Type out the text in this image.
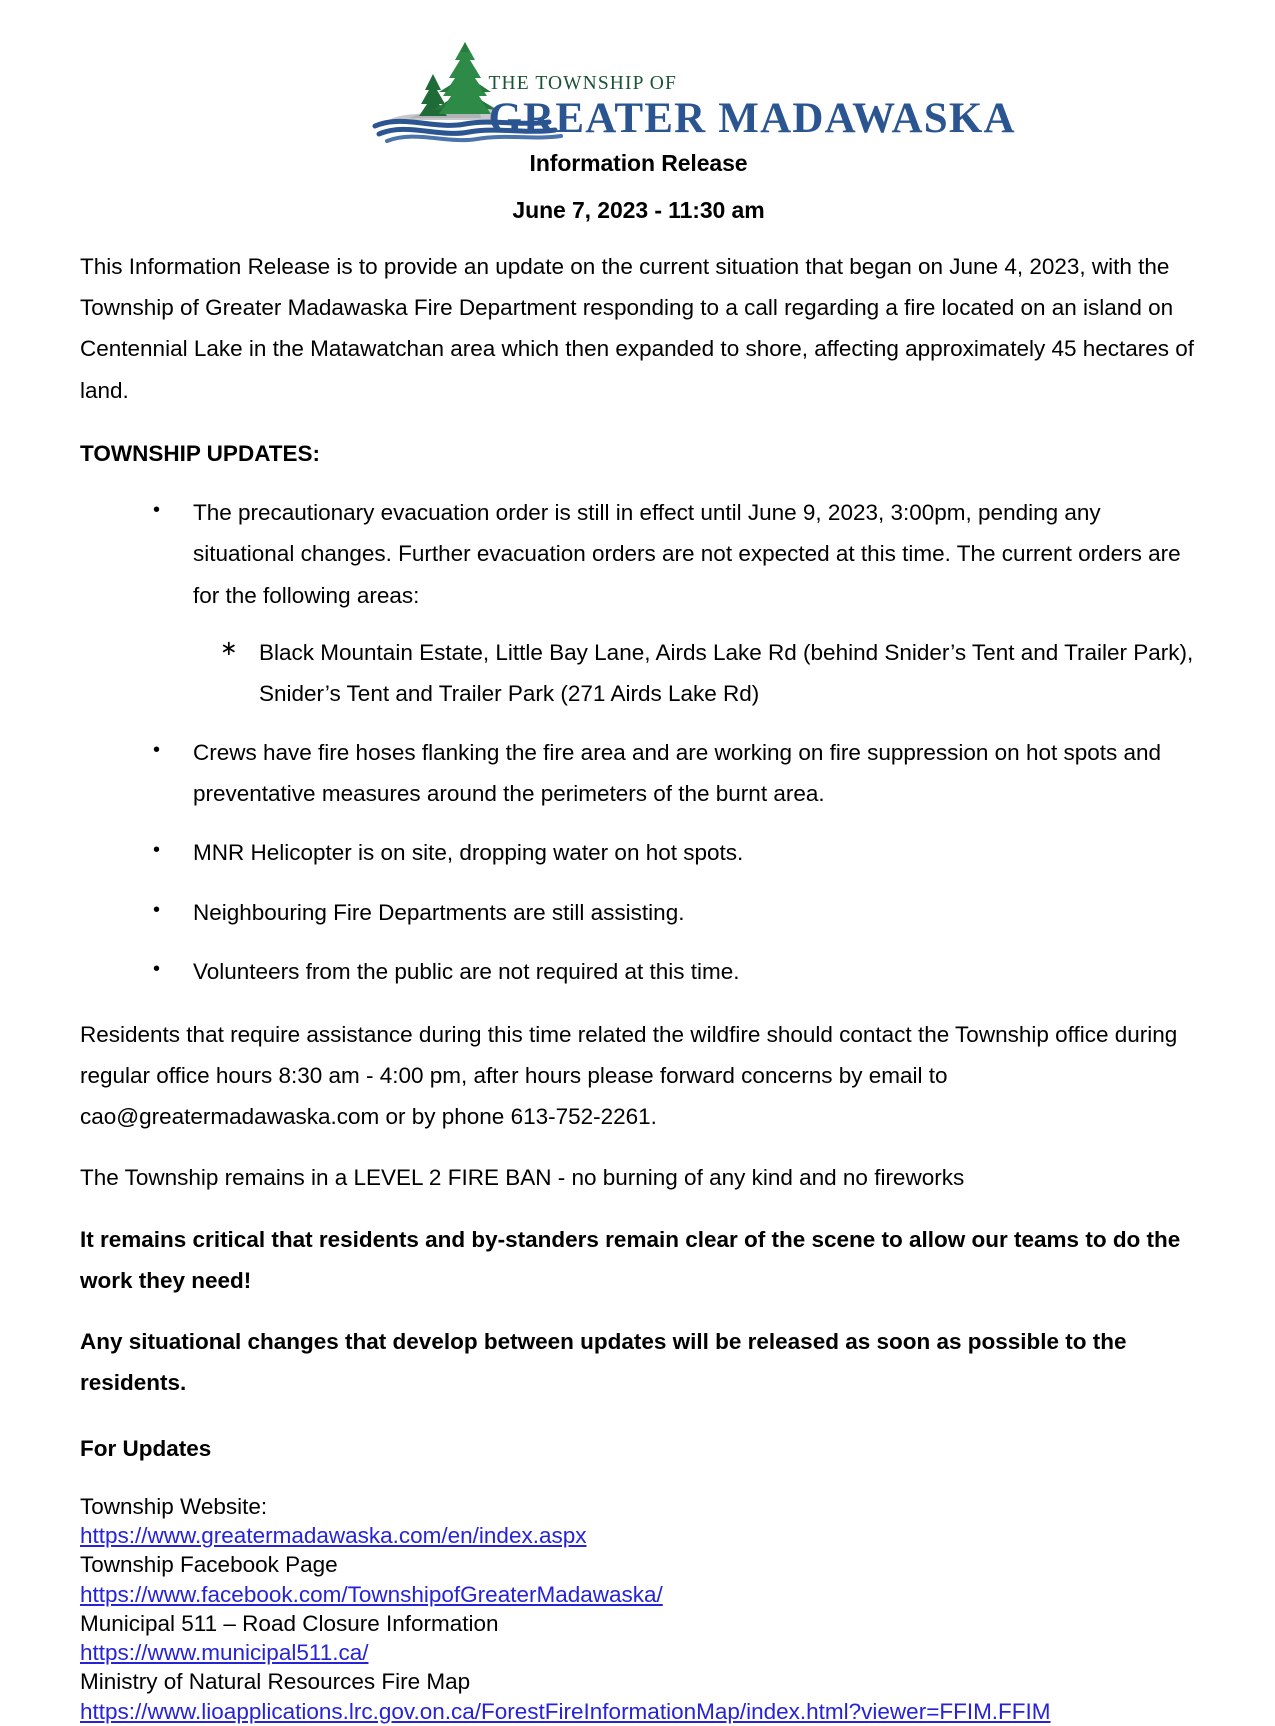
THE TOWNSHIP OF
GREATER MADAWASKA
Information Release
June 7, 2023 - 11:30 am

This Information Release is to provide an update on the current situation that began on June 4, 2023, with the Township of Greater Madawaska Fire Department responding to a call regarding a fire located on an island on Centennial Lake in the Matawatchan area which then expanded to shore, affecting approximately 45 hectares of land.

TOWNSHIP UPDATES:
• The precautionary evacuation order is still in effect until June 9, 2023, 3:00pm, pending any situational changes. Further evacuation orders are not expected at this time. The current orders are for the following areas:
∗ Black Mountain Estate, Little Bay Lane, Airds Lake Rd (behind Snider’s Tent and Trailer Park), Snider’s Tent and Trailer Park (271 Airds Lake Rd)
• Crews have fire hoses flanking the fire area and are working on fire suppression on hot spots and preventative measures around the perimeters of the burnt area.
• MNR Helicopter is on site, dropping water on hot spots.
• Neighbouring Fire Departments are still assisting.
• Volunteers from the public are not required at this time.

Residents that require assistance during this time related the wildfire should contact the Township office during regular office hours 8:30 am - 4:00 pm, after hours please forward concerns by email to cao@greatermadawaska.com or by phone 613-752-2261.

The Township remains in a LEVEL 2 FIRE BAN - no burning of any kind and no fireworks

It remains critical that residents and by-standers remain clear of the scene to allow our teams to do the work they need!

Any situational changes that develop between updates will be released as soon as possible to the residents.

For Updates
Township Website:
https://www.greatermadawaska.com/en/index.aspx
Township Facebook Page
https://www.facebook.com/TownshipofGreaterMadawaska/
Municipal 511 – Road Closure Information
https://www.municipal511.ca/
Ministry of Natural Resources Fire Map
https://www.lioapplications.lrc.gov.on.ca/ForestFireInformationMap/index.html?viewer=FFIM.FFIM
